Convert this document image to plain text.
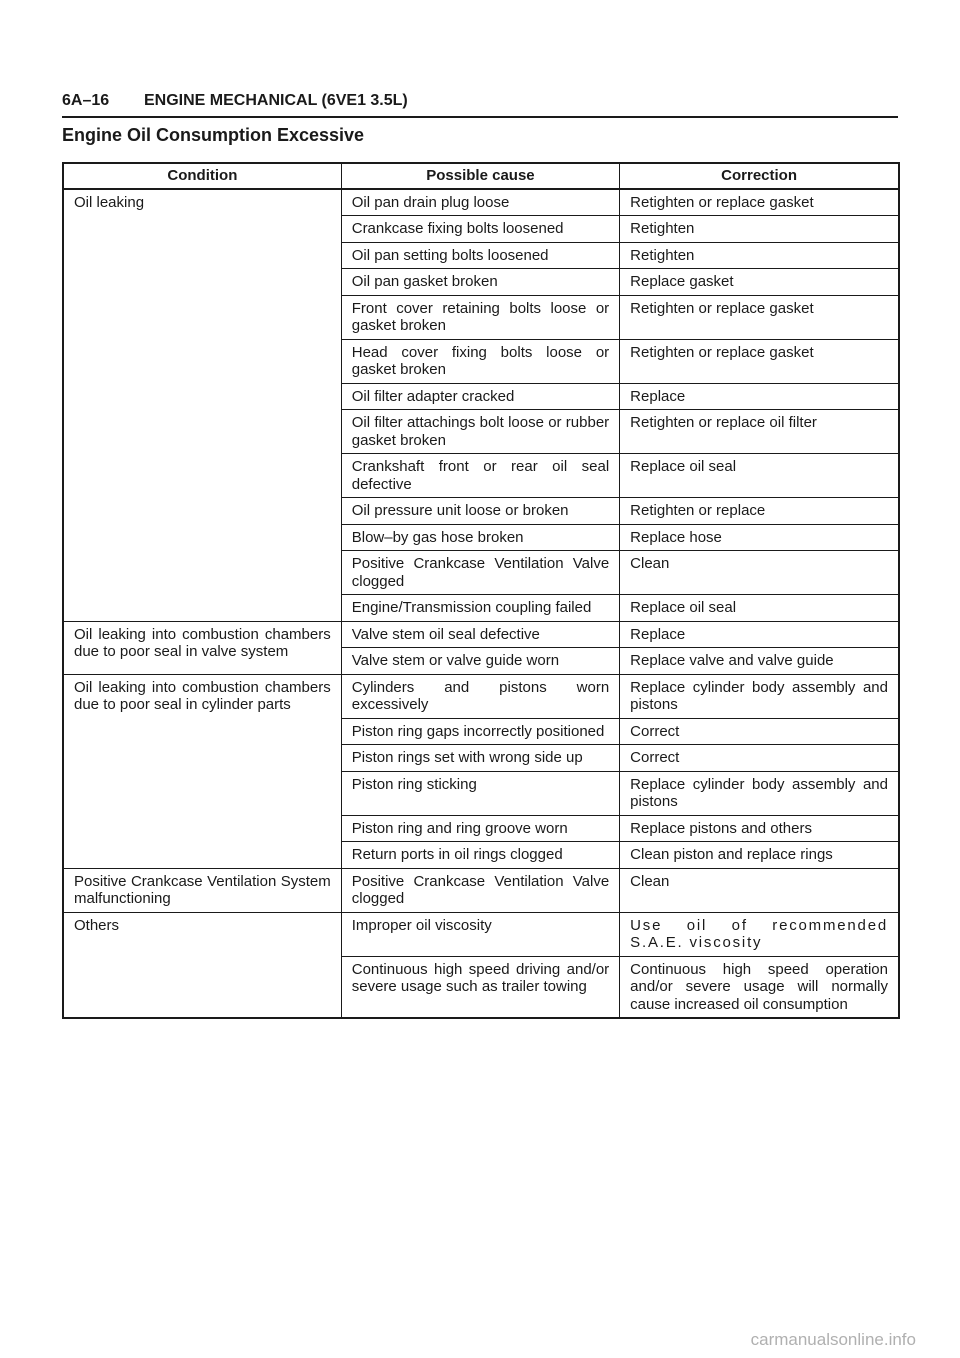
6A–16 ENGINE MECHANICAL (6VE1 3.5L)
Engine Oil Consumption Excessive
Condition	Possible cause	Correction
Oil leaking	Oil pan drain plug loose	Retighten or replace gasket
	Crankcase fixing bolts loosened	Retighten
	Oil pan setting bolts loosened	Retighten
	Oil pan gasket broken	Replace gasket
	Front cover retaining bolts loose or gasket broken	Retighten or replace gasket
	Head cover fixing bolts loose or gasket broken	Retighten or replace gasket
	Oil filter adapter cracked	Replace
	Oil filter attachings bolt loose or rubber gasket broken	Retighten or replace oil filter
	Crankshaft front or rear oil seal defective	Replace oil seal
	Oil pressure unit loose or broken	Retighten or replace
	Blow–by gas hose broken	Replace hose
	Positive Crankcase Ventilation Valve clogged	Clean
	Engine/Transmission coupling failed	Replace oil seal
Oil leaking into combustion chambers due to poor seal in valve system	Valve stem oil seal defective	Replace
	Valve stem or valve guide worn	Replace valve and valve guide
Oil leaking into combustion chambers due to poor seal in cylinder parts	Cylinders and pistons worn excessively	Replace cylinder body assembly and pistons
	Piston ring gaps incorrectly positioned	Correct
	Piston rings set with wrong side up	Correct
	Piston ring sticking	Replace cylinder body assembly and pistons
	Piston ring and ring groove worn	Replace pistons and others
	Return ports in oil rings clogged	Clean piston and replace rings
Positive Crankcase Ventilation System malfunctioning	Positive Crankcase Ventilation Valve clogged	Clean
Others	Improper oil viscosity	Use oil of recommended S.A.E. viscosity
	Continuous high speed driving and/or severe usage such as trailer towing	Continuous high speed operation and/or severe usage will normally cause increased oil consumption
carmanualsonline.info
